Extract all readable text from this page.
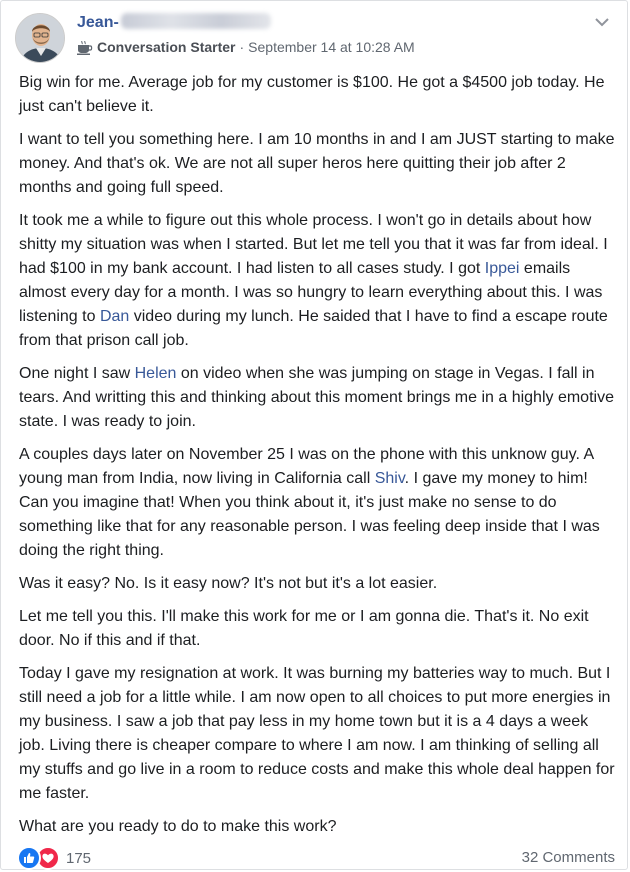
Jean-
Conversation Starter · September 14 at 10:28 AM

Big win for me. Average job for my customer is $100. He got a $4500 job today. He just can't believe it.

I want to tell you something here. I am 10 months in and I am JUST starting to make money. And that's ok. We are not all super heros here quitting their job after 2 months and going full speed.

It took me a while to figure out this whole process. I won't go in details about how shitty my situation was when I started. But let me tell you that it was far from ideal. I had $100 in my bank account. I had listen to all cases study. I got Ippei emails almost every day for a month. I was so hungry to learn everything about this. I was listening to Dan video during my lunch. He saided that I have to find a escape route from that prison call job.

One night I saw Helen on video when she was jumping on stage in Vegas. I fall in tears. And writting this and thinking about this moment brings me in a highly emotive state. I was ready to join.

A couples days later on November 25 I was on the phone with this unknow guy. A young man from India, now living in California call Shiv. I gave my money to him! Can you imagine that! When you think about it, it's just make no sense to do something like that for any reasonable person. I was feeling deep inside that I was doing the right thing.

Was it easy? No. Is it easy now? It's not but it's a lot easier.

Let me tell you this. I'll make this work for me or I am gonna die. That's it. No exit door. No if this and if that.

Today I gave my resignation at work. It was burning my batteries way to much. But I still need a job for a little while. I am now open to all choices to put more energies in my business. I saw a job that pay less in my home town but it is a 4 days a week job. Living there is cheaper compare to where I am now. I am thinking of selling all my stuffs and go live in a room to reduce costs and make this whole deal happen for me faster.

What are you ready to do to make this work?

175	32 Comments
